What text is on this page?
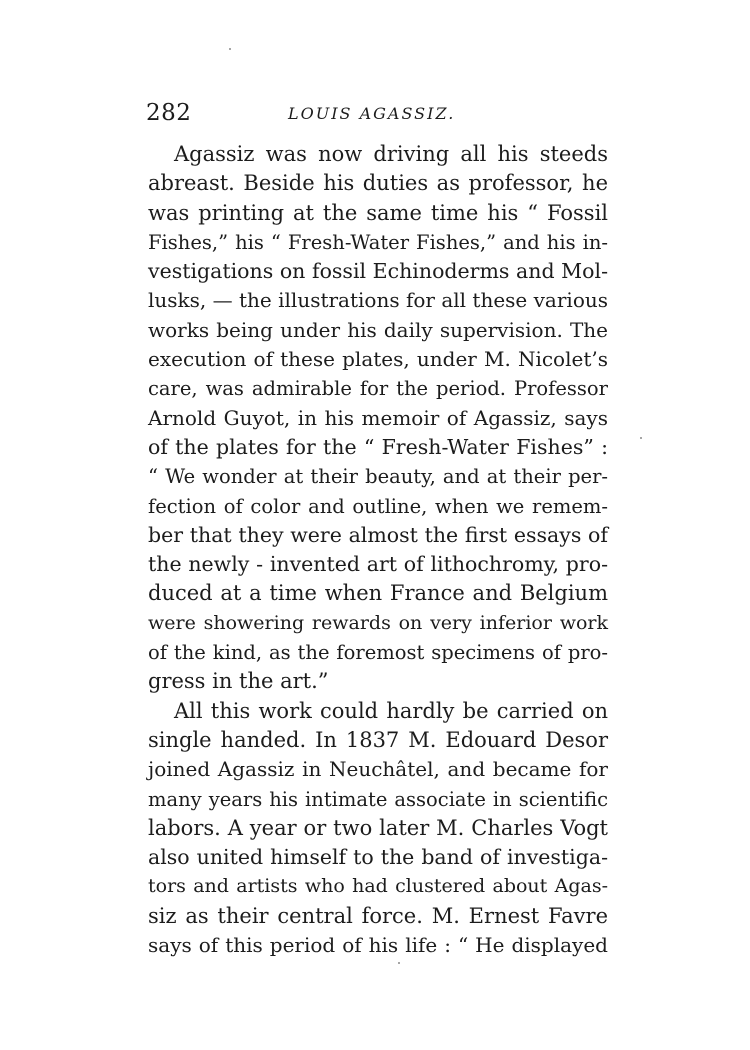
282	LOUIS AGASSIZ.
Agassiz was now driving all his steeds
abreast. Beside his duties as professor, he
was printing at the same time his “ Fossil
Fishes,” his “ Fresh-Water Fishes,” and his in-
vestigations on fossil Echinoderms and Mol-
lusks, — the illustrations for all these various
works being under his daily supervision. The
execution of these plates, under M. Nicolet’s
care, was admirable for the period. Professor
Arnold Guyot, in his memoir of Agassiz, says
of the plates for the “ Fresh-Water Fishes” :
“ We wonder at their beauty, and at their per-
fection of color and outline, when we remem-
ber that they were almost the first essays of
the newly - invented art of lithochromy, pro-
duced at a time when France and Belgium
were showering rewards on very inferior work
of the kind, as the foremost specimens of pro-
gress in the art.”
All this work could hardly be carried on
single handed. In 1837 M. Edouard Desor
joined Agassiz in Neuchâtel, and became for
many years his intimate associate in scientific
labors. A year or two later M. Charles Vogt
also united himself to the band of investiga-
tors and artists who had clustered about Agas-
siz as their central force. M. Ernest Favre
says of this period of his life : “ He displayed
